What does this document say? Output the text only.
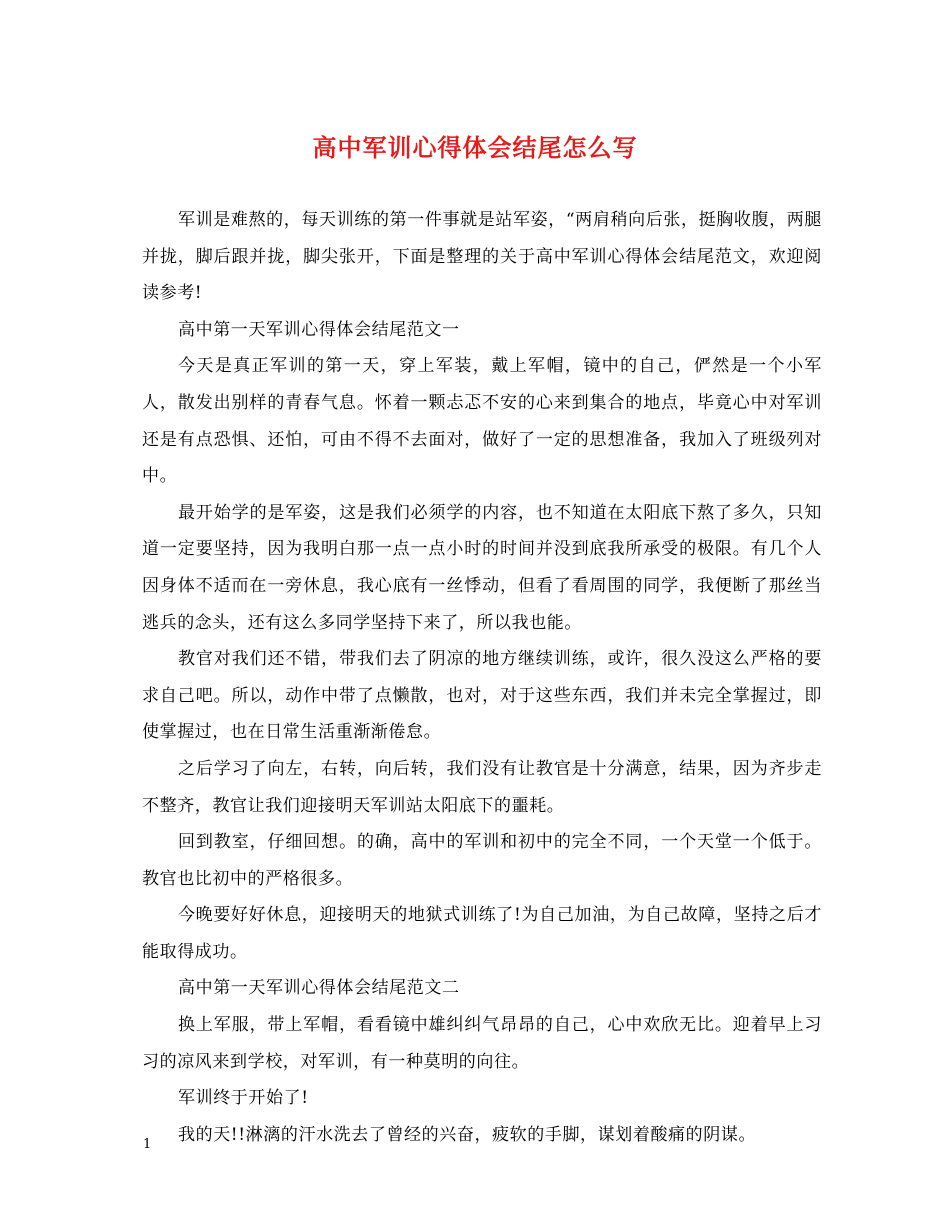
高中军训心得体会结尾怎么写

军训是难熬的，每天训练的第一件事就是站军姿，“两肩稍向后张，挺胸收腹，两腿并拢，脚后跟并拢，脚尖张开，下面是整理的关于高中军训心得体会结尾范文，欢迎阅读参考!

高中第一天军训心得体会结尾范文一

今天是真正军训的第一天，穿上军装，戴上军帽，镜中的自己，俨然是一个小军人，散发出别样的青春气息。怀着一颗忐忑不安的心来到集合的地点，毕竟心中对军训还是有点恐惧、还怕，可由不得不去面对，做好了一定的思想准备，我加入了班级列对中。

最开始学的是军姿，这是我们必须学的内容，也不知道在太阳底下熬了多久，只知道一定要坚持，因为我明白那一点一点小时的时间并没到底我所承受的极限。有几个人因身体不适而在一旁休息，我心底有一丝悸动，但看了看周围的同学，我便断了那丝当逃兵的念头，还有这么多同学坚持下来了，所以我也能。

教官对我们还不错，带我们去了阴凉的地方继续训练，或许，很久没这么严格的要求自己吧。所以，动作中带了点懒散，也对，对于这些东西，我们并未完全掌握过，即使掌握过，也在日常生活重渐渐倦怠。

之后学习了向左，右转，向后转，我们没有让教官是十分满意，结果，因为齐步走不整齐，教官让我们迎接明天军训站太阳底下的噩耗。

回到教室，仔细回想。的确，高中的军训和初中的完全不同，一个天堂一个低于。教官也比初中的严格很多。

今晚要好好休息，迎接明天的地狱式训练了!为自己加油，为自己故障，坚持之后才能取得成功。

高中第一天军训心得体会结尾范文二

换上军服，带上军帽，看看镜中雄纠纠气昂昂的自己，心中欢欣无比。迎着早上习习的凉风来到学校，对军训，有一种莫明的向往。

军训终于开始了!

我的天!!淋漓的汗水洗去了曾经的兴奋，疲软的手脚，谋划着酸痛的阴谋。

1
